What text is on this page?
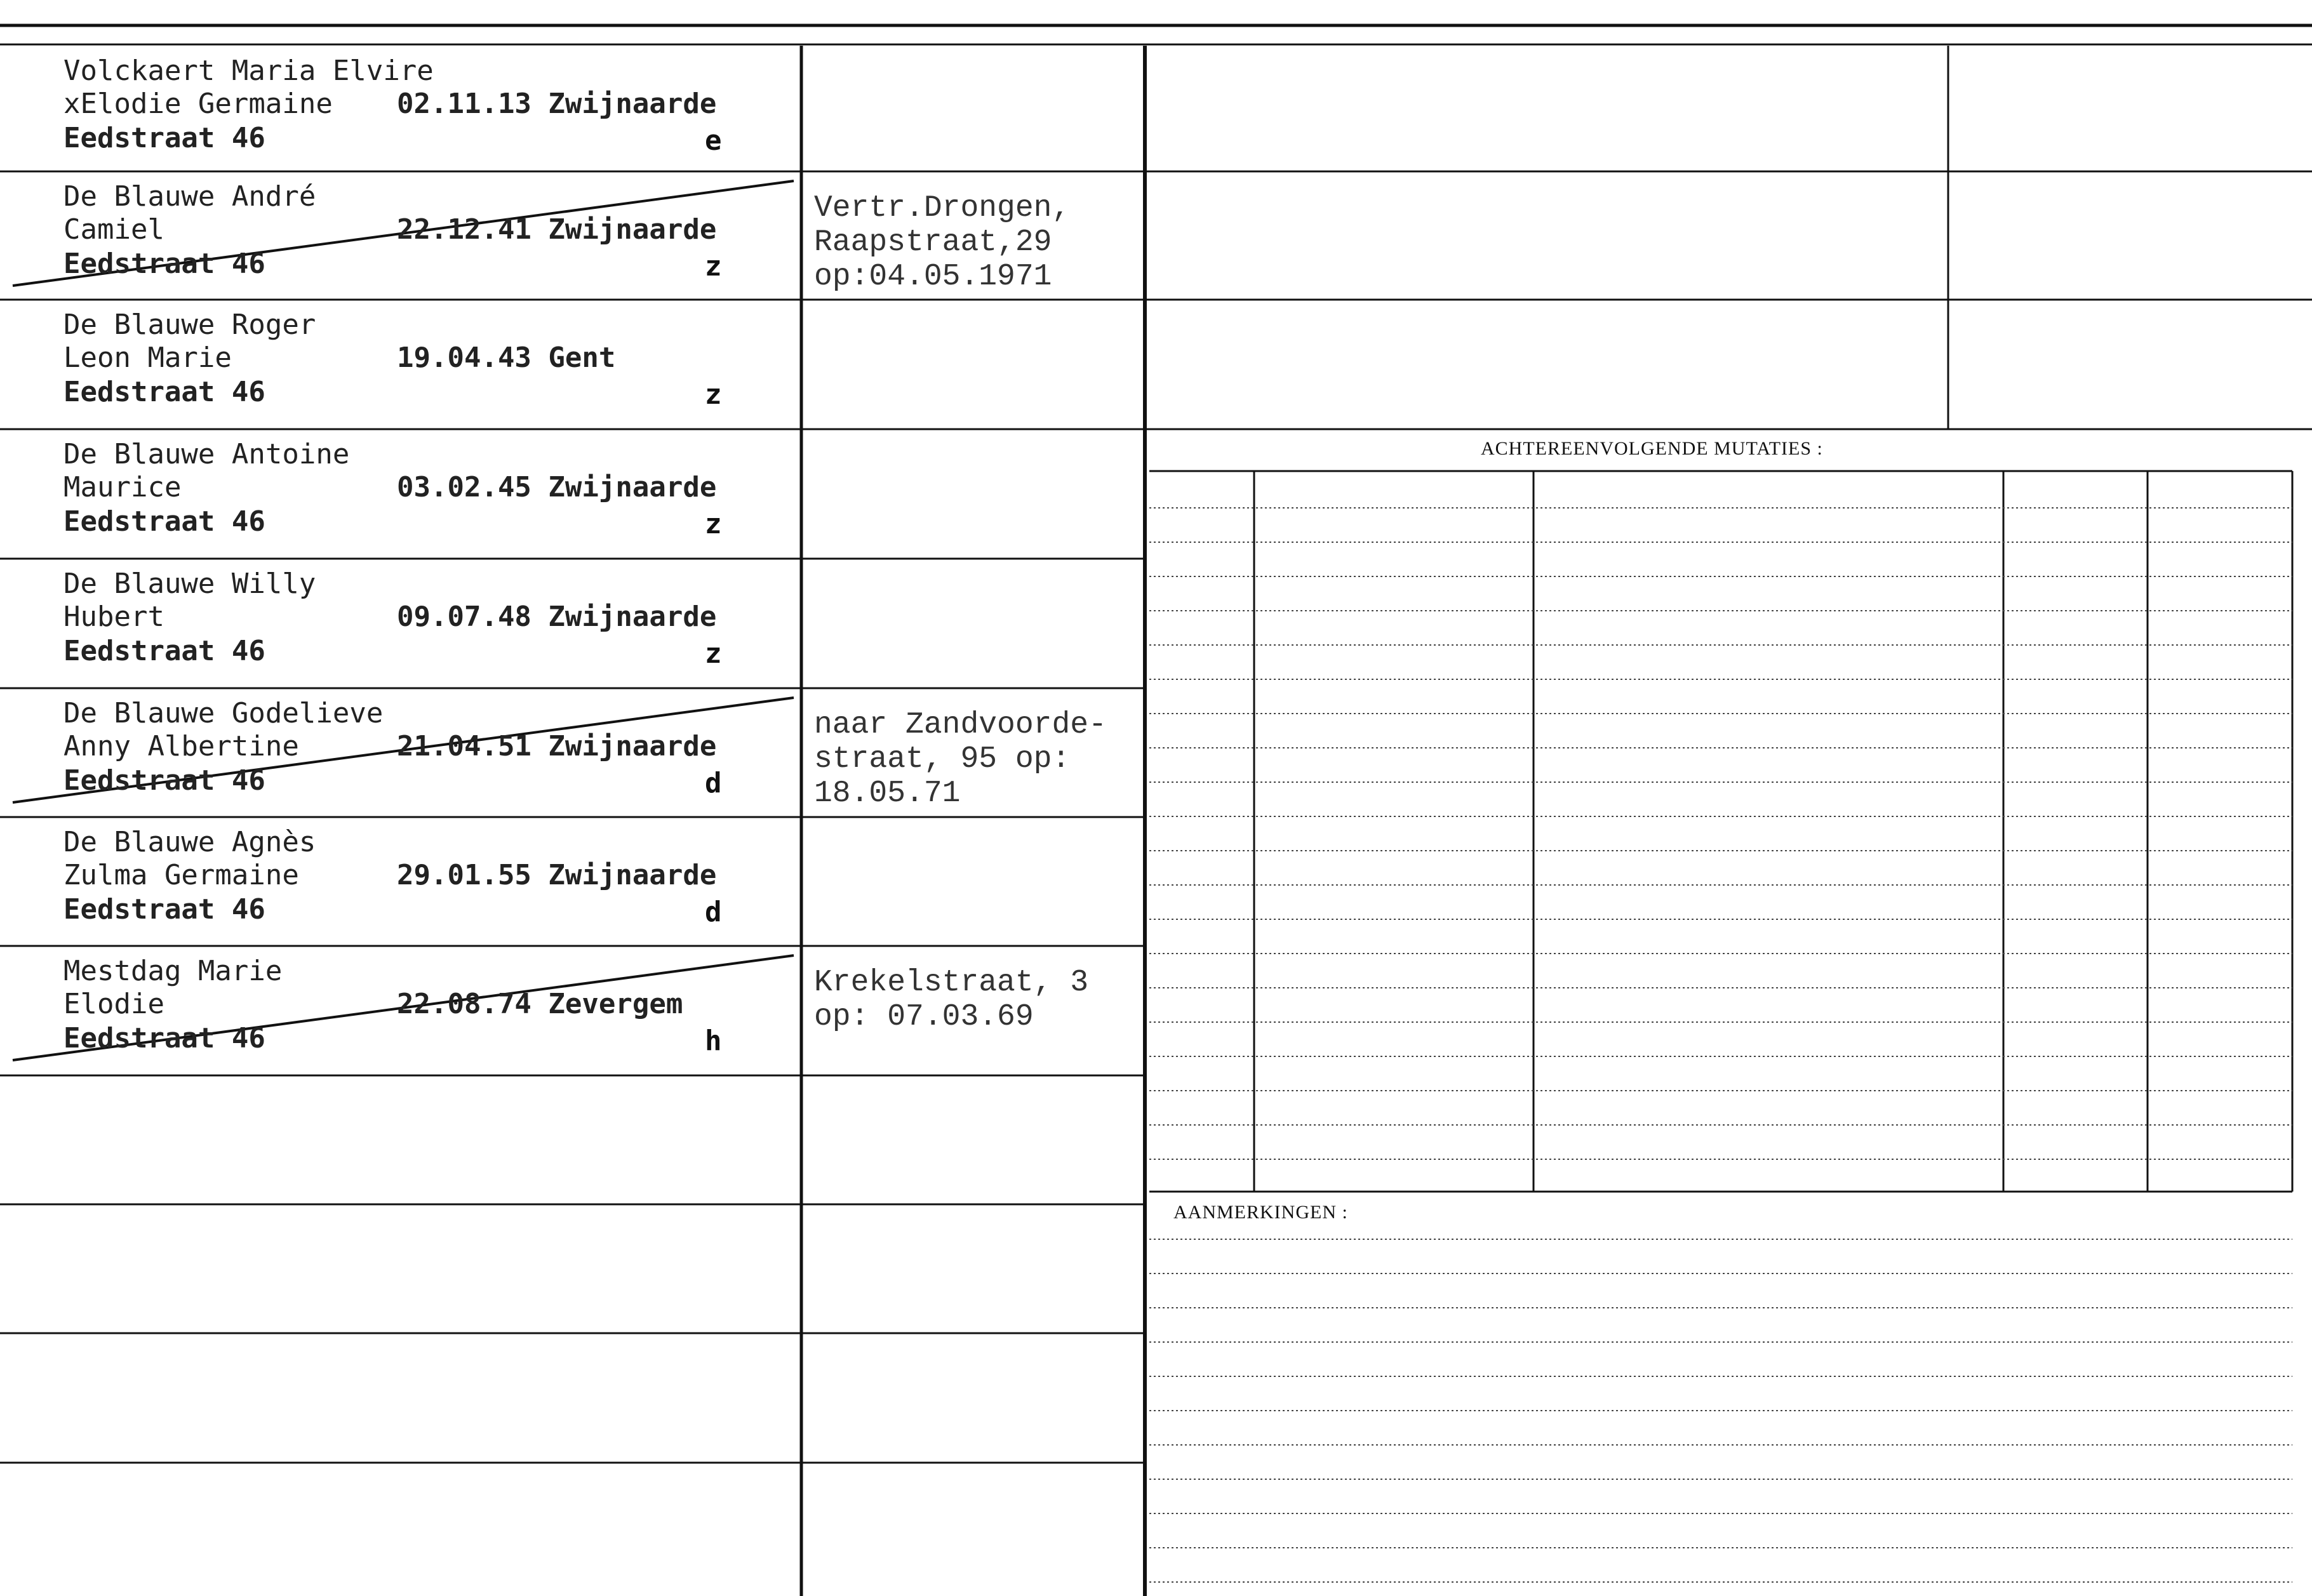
Volckaert Maria Elvire
xElodie Germaine
Eedstraat 46
02.11.13 Zwijnaarde
e
De Blauwe André
Camiel
Eedstraat 46
22.12.41 Zwijnaarde
z
Vertr.Drongen,
Raapstraat,29
op:04.05.1971
De Blauwe Roger
Leon Marie
Eedstraat 46
19.04.43 Gent
z
De Blauwe Antoine
Maurice
Eedstraat 46
03.02.45 Zwijnaarde
z
De Blauwe Willy
Hubert
Eedstraat 46
09.07.48 Zwijnaarde
z
De Blauwe Godelieve
Anny Albertine
Eedstraat 46
21.04.51 Zwijnaarde
d
naar Zandvoorde-
straat, 95 op:
18.05.71
De Blauwe Agnès
Zulma Germaine
Eedstraat 46
29.01.55 Zwijnaarde
d
Mestdag Marie
Elodie
Eedstraat 46
22.08.74 Zevergem
h
Krekelstraat, 3
op: 07.03.69
ACHTEREENVOLGENDE MUTATIES :
AANMERKINGEN :
